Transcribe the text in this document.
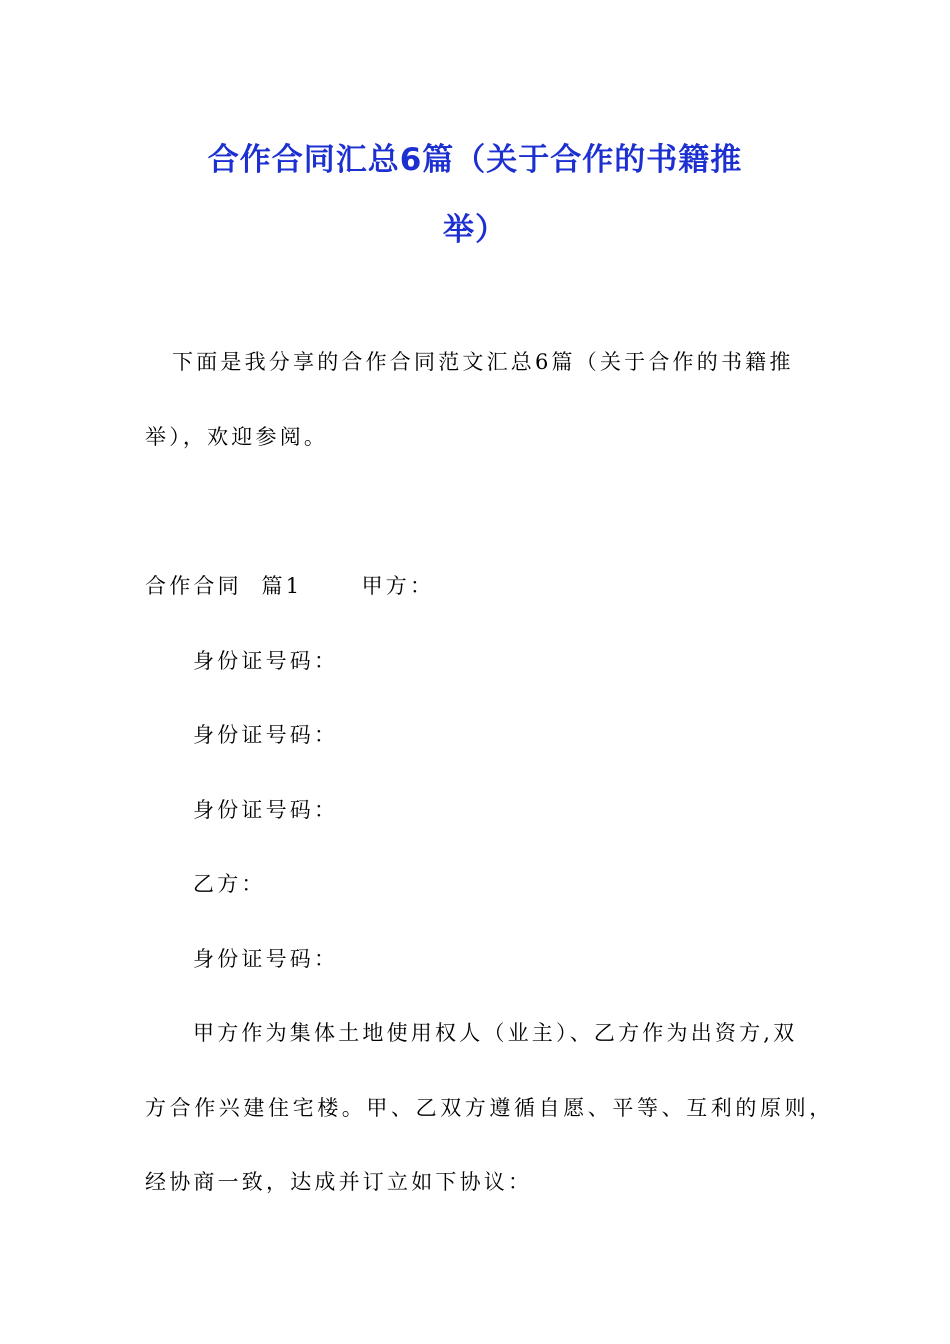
合作合同汇总6篇（关于合作的书籍推
举）

下面是我分享的合作合同范文汇总6篇（关于合作的书籍推

举），欢迎参阅。

合作合同  篇1      甲方：

身份证号码：

身份证号码：

身份证号码：

乙方：

身份证号码：

甲方作为集体土地使用权人（业主）、乙方作为出资方,双

方合作兴建住宅楼。甲、乙双方遵循自愿、平等、互利的原则，

经协商一致，达成并订立如下协议：
